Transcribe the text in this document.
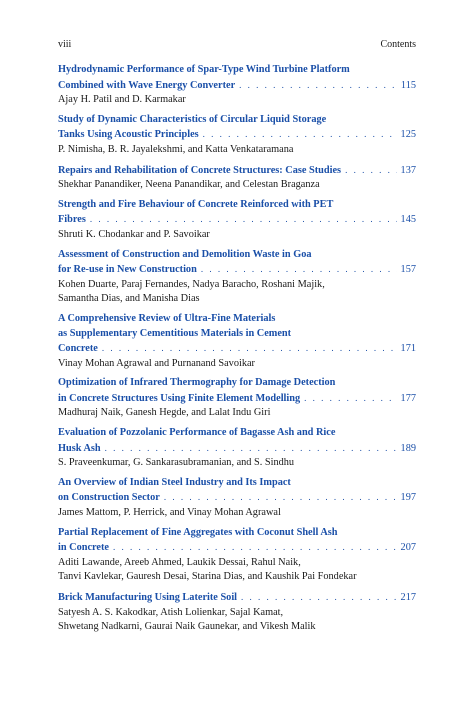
viii	Contents
Hydrodynamic Performance of Spar-Type Wind Turbine Platform
Combined with Wave Energy Converter . . .	115
Ajay H. Patil and D. Karmakar
Study of Dynamic Characteristics of Circular Liquid Storage
Tanks Using Acoustic Principles . . .	125
P. Nimisha, B. R. Jayalekshmi, and Katta Venkataramana
Repairs and Rehabilitation of Concrete Structures: Case Studies . . .	137
Shekhar Panandiker, Neena Panandikar, and Celestan Braganza
Strength and Fire Behaviour of Concrete Reinforced with PET
Fibres . . .	145
Shruti K. Chodankar and P. Savoikar
Assessment of Construction and Demolition Waste in Goa
for Re-use in New Construction . . .	157
Kohen Duarte, Paraj Fernandes, Nadya Baracho, Roshani Majik,
Samantha Dias, and Manisha Dias
A Comprehensive Review of Ultra-Fine Materials
as Supplementary Cementitious Materials in Cement
Concrete . . .	171
Vinay Mohan Agrawal and Purnanand Savoikar
Optimization of Infrared Thermography for Damage Detection
in Concrete Structures Using Finite Element Modelling . . .	177
Madhuraj Naik, Ganesh Hegde, and Lalat Indu Giri
Evaluation of Pozzolanic Performance of Bagasse Ash and Rice
Husk Ash . . .	189
S. Praveenkumar, G. Sankarasubramanian, and S. Sindhu
An Overview of Indian Steel Industry and Its Impact
on Construction Sector . . .	197
James Mattom, P. Herrick, and Vinay Mohan Agrawal
Partial Replacement of Fine Aggregates with Coconut Shell Ash
in Concrete . . .	207
Aditi Lawande, Areeb Ahmed, Laukik Dessai, Rahul Naik,
Tanvi Kavlekar, Gauresh Desai, Starina Dias, and Kaushik Pai Fondekar
Brick Manufacturing Using Laterite Soil . . .	217
Satyesh A. S. Kakodkar, Atish Lolienkar, Sajal Kamat,
Shwetang Nadkarni, Gaurai Naik Gaunekar, and Vikesh Malik
